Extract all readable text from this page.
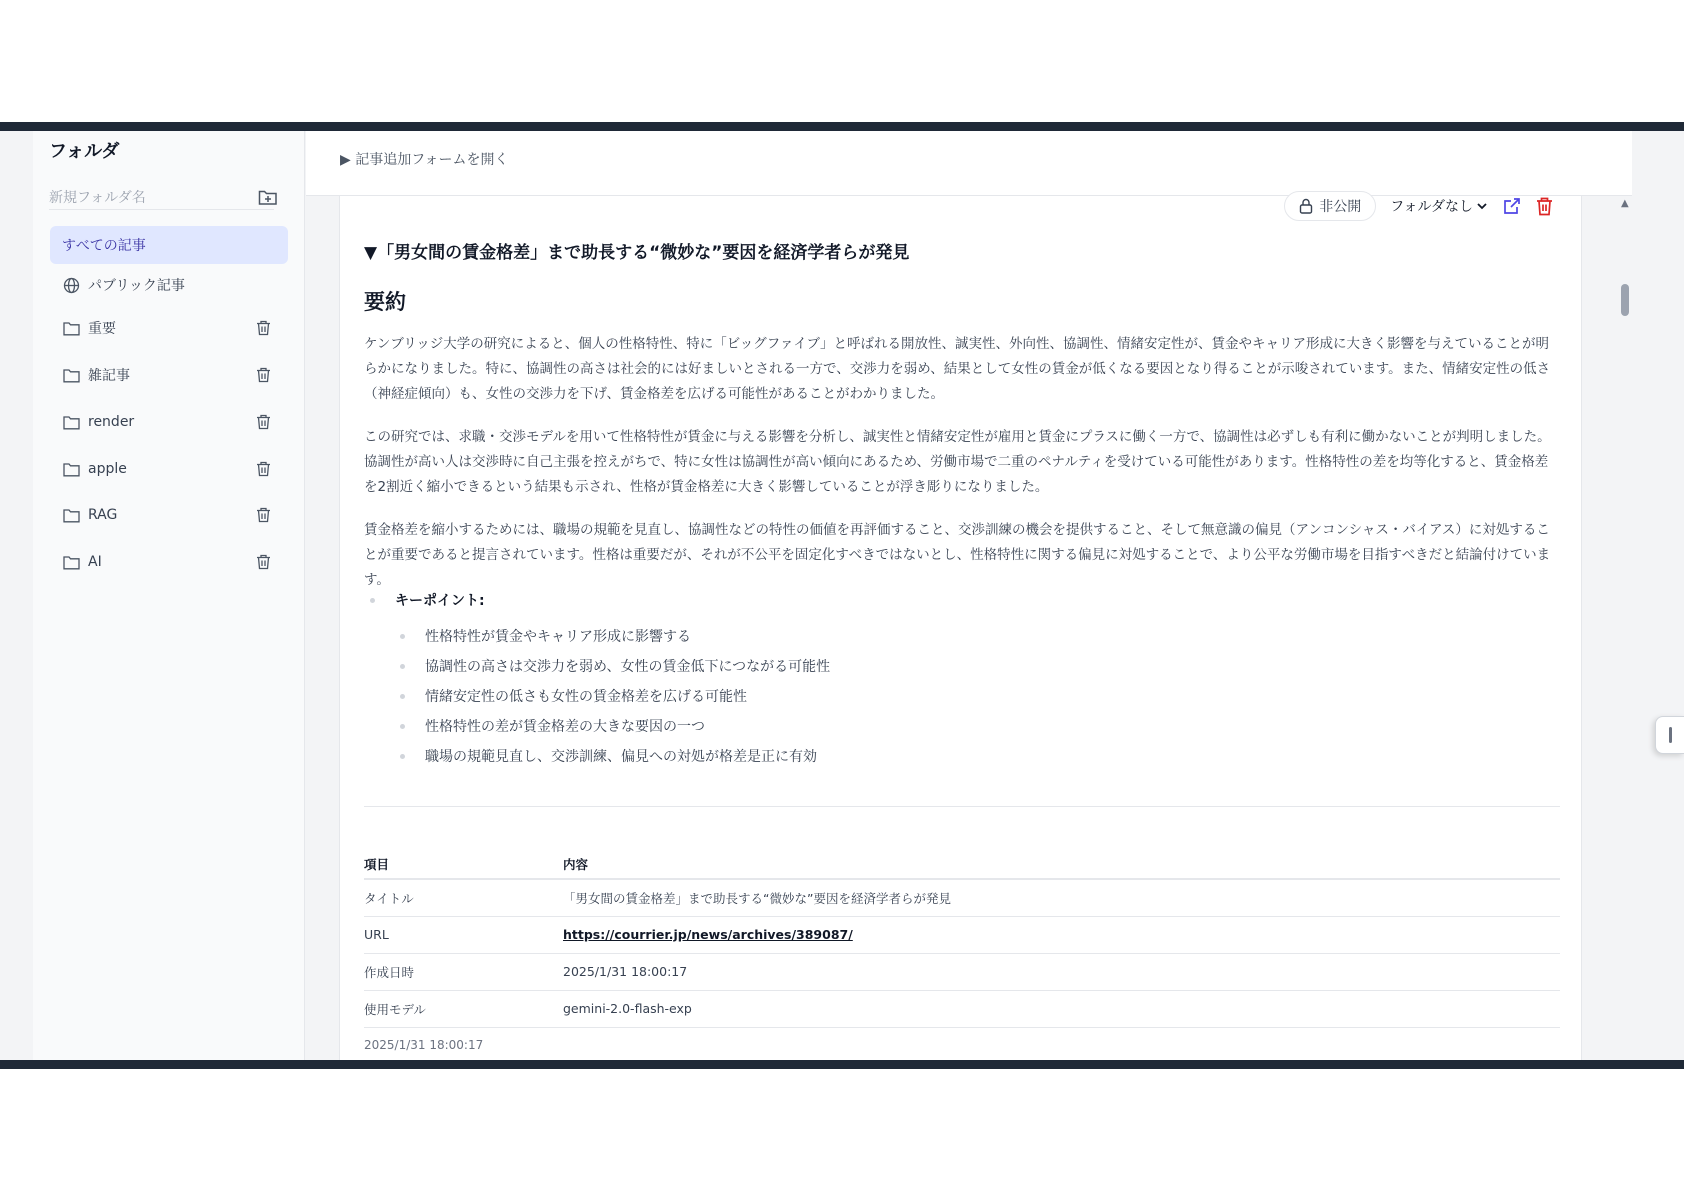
フォルダ
新規フォルダ名
すべての記事
パブリック記事
重要
雑記事
render
apple
RAG
AI
▶ 記事追加フォームを開く
非公開 フォルダなし
▼「男女間の賃金格差」まで助長する“微妙な”要因を経済学者らが発見
要約

ケンブリッジ大学の研究によると、個人の性格特性、特に「ビッグファイブ」と呼ばれる開放性、誠実性、外向性、協調性、情緒安定性が、賃金やキャリア形成に大きく影響を与えていることが明らかになりました。特に、協調性の高さは社会的には好ましいとされる一方で、交渉力を弱め、結果として女性の賃金が低くなる要因となり得ることが示唆されています。また、情緒安定性の低さ（神経症傾向）も、女性の交渉力を下げ、賃金格差を広げる可能性があることがわかりました。

この研究では、求職・交渉モデルを用いて性格特性が賃金に与える影響を分析し、誠実性と情緒安定性が雇用と賃金にプラスに働く一方で、協調性は必ずしも有利に働かないことが判明しました。協調性が高い人は交渉時に自己主張を控えがちで、特に女性は協調性が高い傾向にあるため、労働市場で二重のペナルティを受けている可能性があります。性格特性の差を均等化すると、賃金格差を2割近く縮小できるという結果も示され、性格が賃金格差に大きく影響していることが浮き彫りになりました。

賃金格差を縮小するためには、職場の規範を見直し、協調性などの特性の価値を再評価すること、交渉訓練の機会を提供すること、そして無意識の偏見（アンコンシャス・バイアス）に対処することが重要であると提言されています。性格は重要だが、それが不公平を固定化すべきではないとし、性格特性に関する偏見に対処することで、より公平な労働市場を目指すべきだと結論付けています。

キーポイント:
性格特性が賃金やキャリア形成に影響する
協調性の高さは交渉力を弱め、女性の賃金低下につながる可能性
情緒安定性の低さも女性の賃金格差を広げる可能性
性格特性の差が賃金格差の大きな要因の一つ
職場の規範見直し、交渉訓練、偏見への対処が格差是正に有効
項目	内容
タイトル	「男女間の賃金格差」まで助長する“微妙な”要因を経済学者らが発見
URL	https://courrier.jp/news/archives/389087/
作成日時	2025/1/31 18:00:17
使用モデル	gemini-2.0-flash-exp
2025/1/31 18:00:17
▲
